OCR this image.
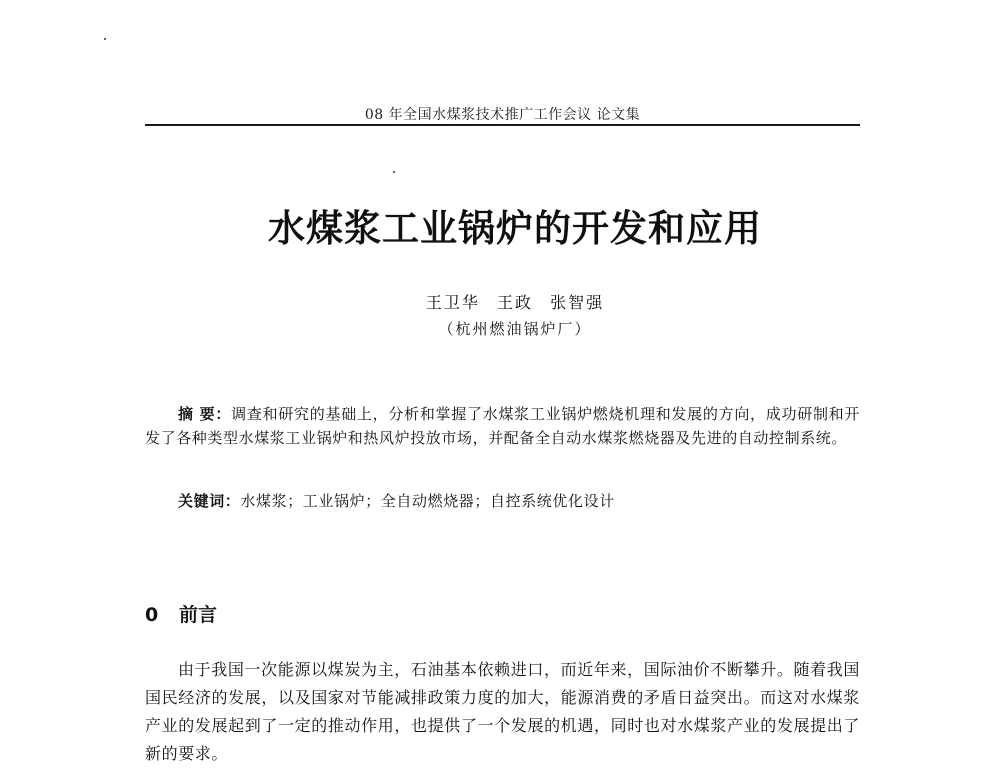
08 年全国水煤浆技术推广工作会议 论文集
水煤浆工业锅炉的开发和应用
王卫华 王政 张智强
（杭州燃油锅炉厂）

摘 要：调查和研究的基础上，分析和掌握了水煤浆工业锅炉燃烧机理和发展的方向，成功研制和开发了各种类型水煤浆工业锅炉和热风炉投放市场，并配备全自动水煤浆燃烧器及先进的自动控制系统。

关键词：水煤浆；工业锅炉；全自动燃烧器；自控系统优化设计
0 前言

由于我国一次能源以煤炭为主，石油基本依赖进口，而近年来，国际油价不断攀升。随着我国国民经济的发展，以及国家对节能减排政策力度的加大，能源消费的矛盾日益突出。而这对水煤浆产业的发展起到了一定的推动作用，也提供了一个发展的机遇，同时也对水煤浆产业的发展提出了新的要求。
